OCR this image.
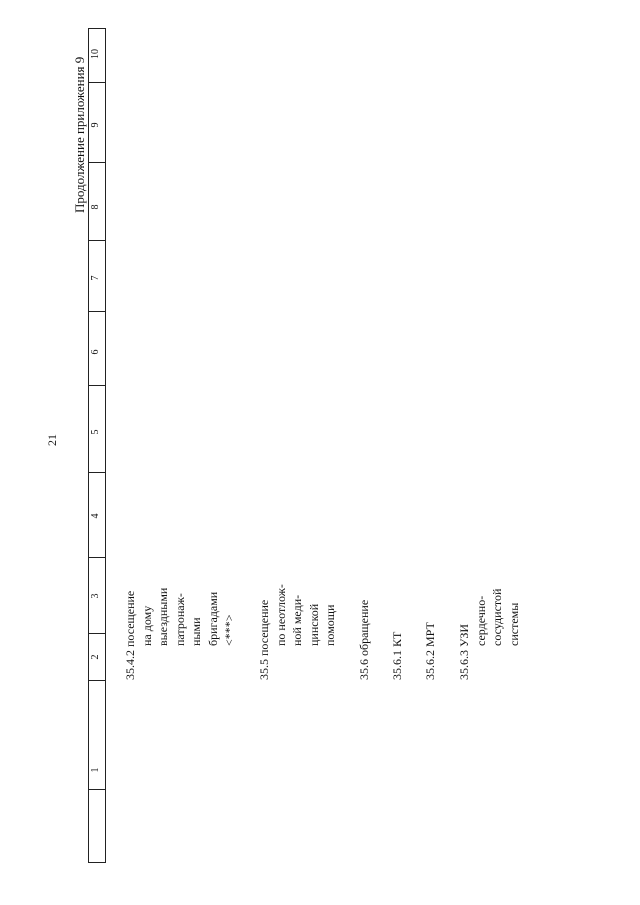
21
Продолжение приложения 9
1
2
3
4
5
6
7
8
9
10
35.4.2 посещение на дому выездными патронаж- ными бригадами <***> 35.5 посещение по неотлож- ной меди- цинской помощи 35.6 обращение 35.6.1 КТ 35.6.2 МРТ 35.6.3 УЗИ
сердечно- сосудистой системы
